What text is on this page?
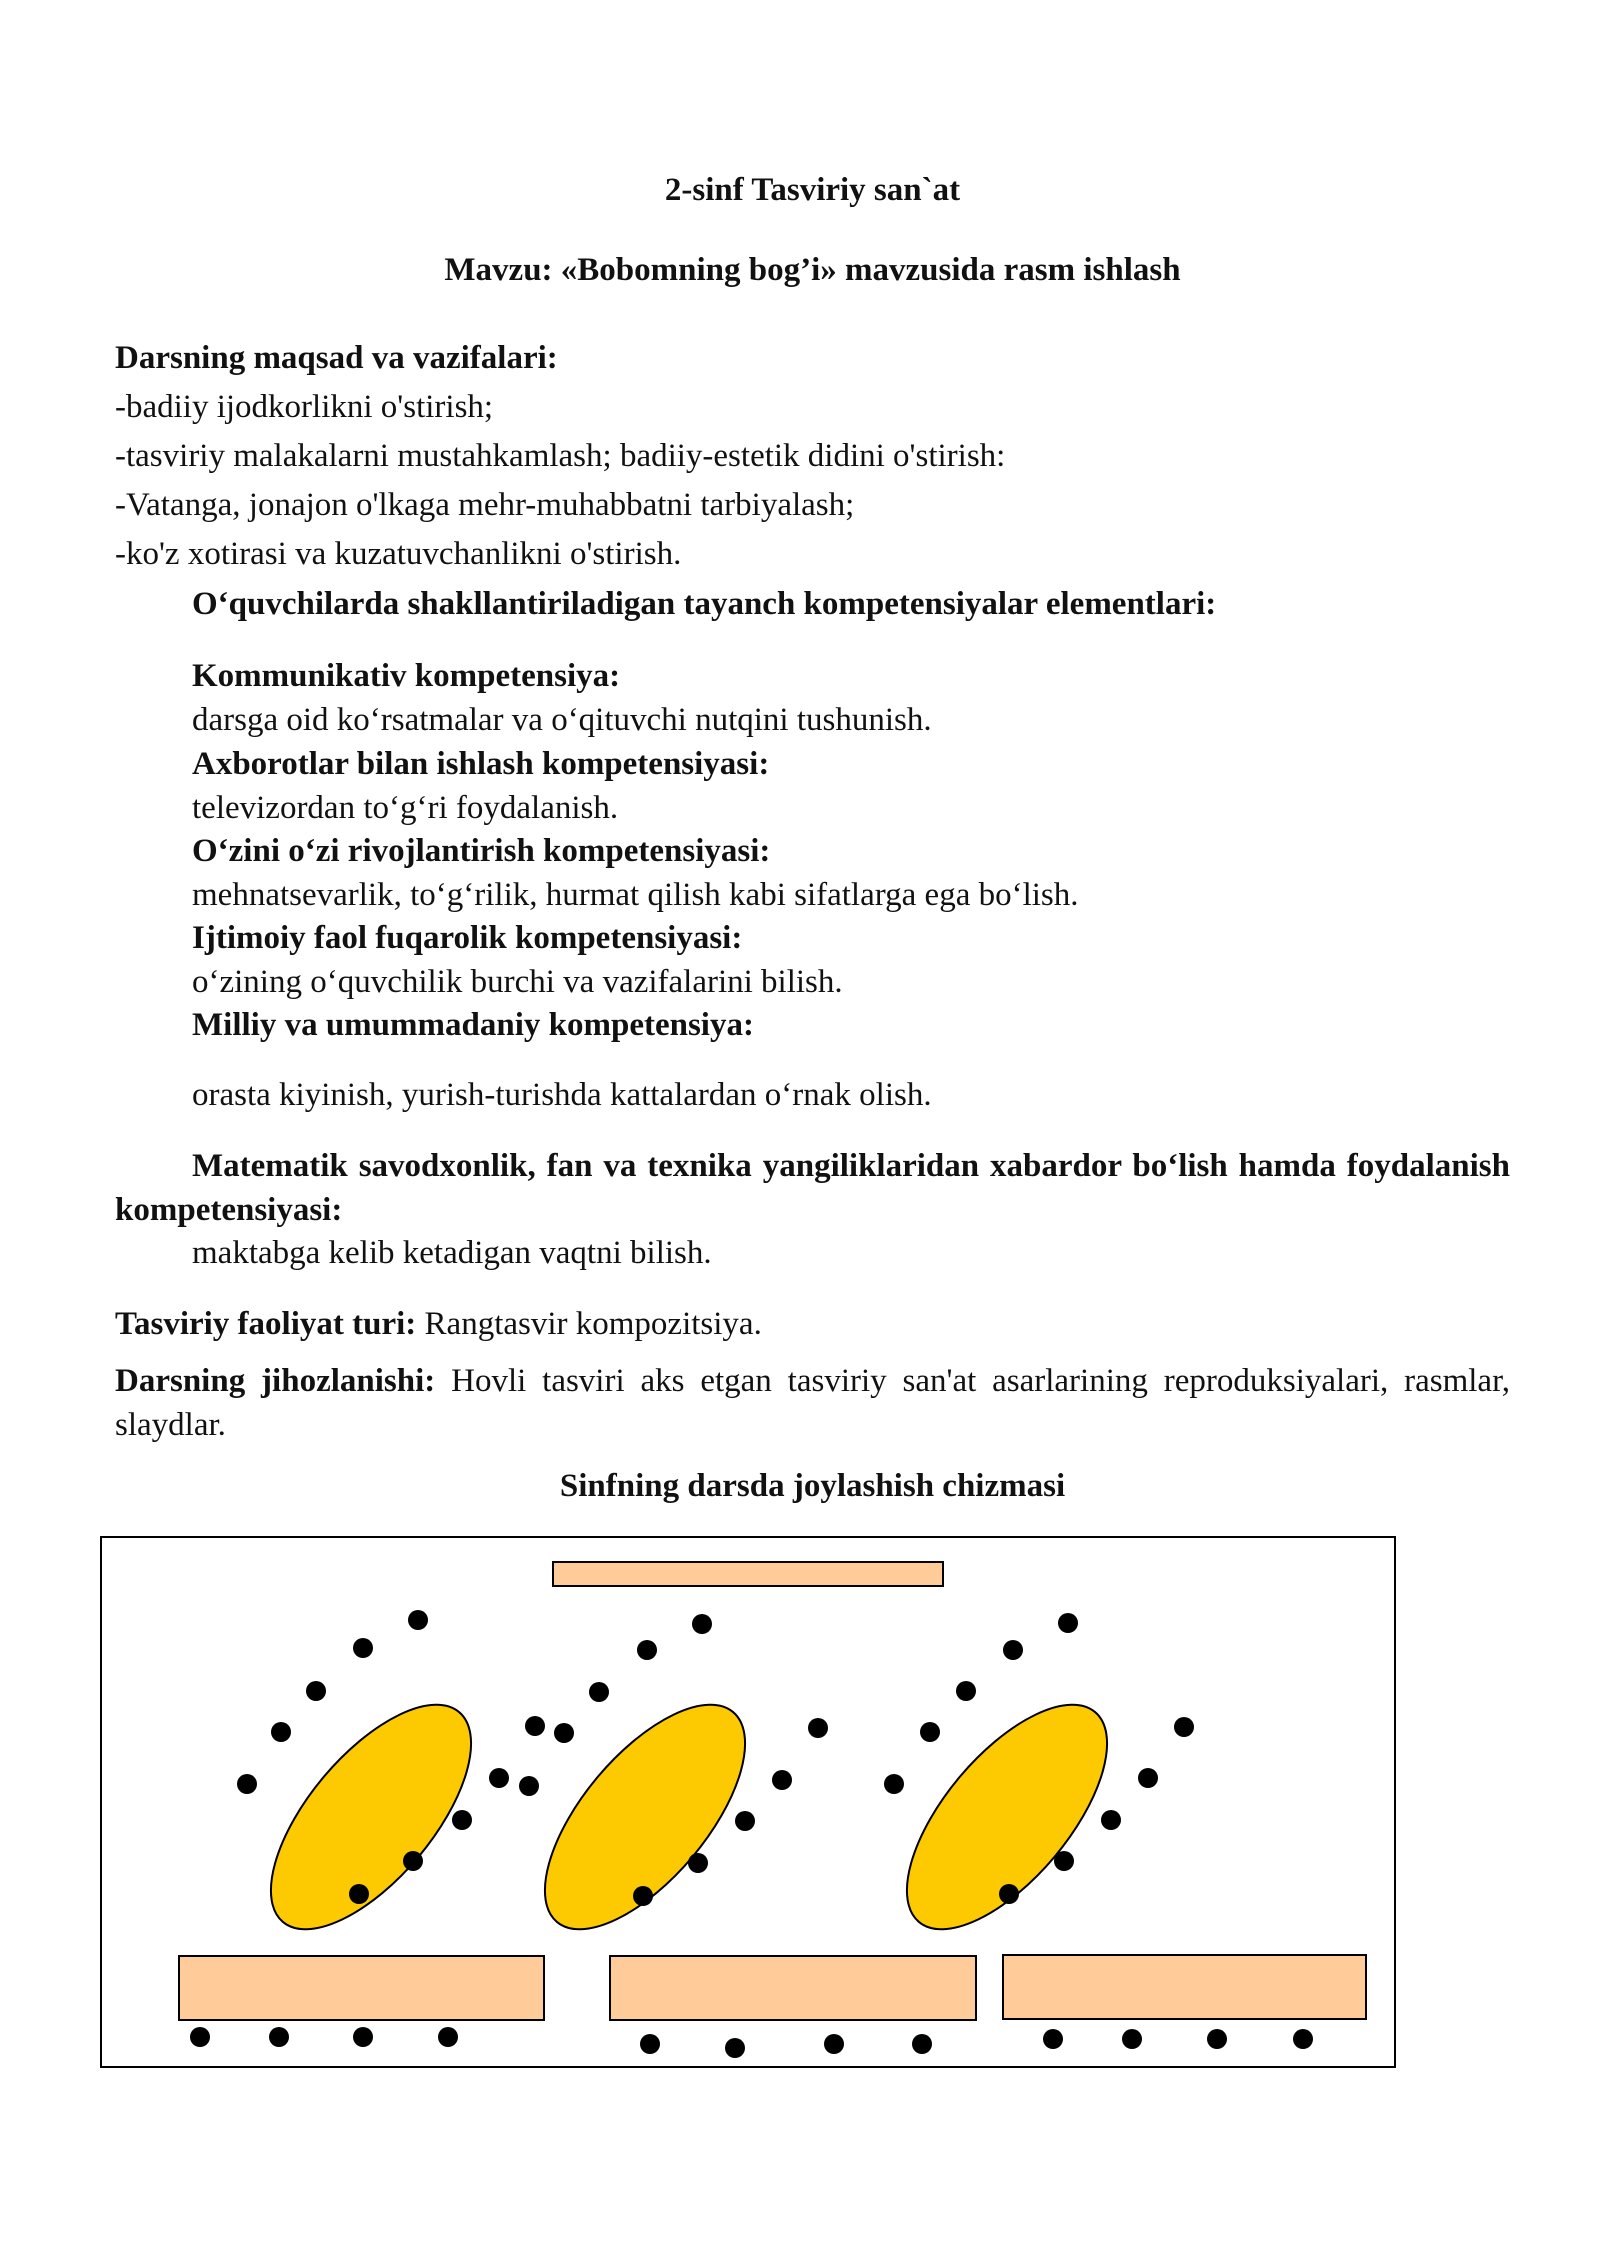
2-sinf Tasviriy san`at
Mavzu: «Bobomning bog’i» mavzusida rasm ishlash
Darsning maqsad va vazifalari:
-badiiy ijodkorlikni o'stirish;
-tasviriy malakalarni mustahkamlash; badiiy-estetik didini o'stirish:
-Vatanga, jonajon o'lkaga mehr-muhabbatni tarbiyalash;
-ko'z xotirasi va kuzatuvchanlikni o'stirish.
O‘quvchilarda shakllantiriladigan tayanch kompetensiyalar elementlari:
Kommunikativ kompetensiya:
darsga oid ko‘rsatmalar va o‘qituvchi nutqini tushunish.
Axborotlar bilan ishlash kompetensiyasi:
televizordan to‘g‘ri foydalanish.
O‘zini o‘zi rivojlantirish kompetensiyasi:
mehnatsevarlik, to‘g‘rilik, hurmat qilish kabi sifatlarga ega bo‘lish.
Ijtimoiy faol fuqarolik kompetensiyasi:
o‘zining o‘quvchilik burchi va vazifalarini bilish.
Milliy va umummadaniy kompetensiya:
orasta kiyinish, yurish-turishda kattalardan o‘rnak olish.
Matematik savodxonlik, fan va texnika yangiliklaridan xabardor bo‘lish hamda foydalanish kompetensiyasi:
maktabga kelib ketadigan vaqtni bilish.
Tasviriy faoliyat turi: Rangtasvir kompozitsiya.
Darsning jihozlanishi: Hovli tasviri aks etgan tasviriy san'at asarlarining reproduksiyalari, rasmlar, slaydlar.
Sinfning darsda joylashish chizmasi
